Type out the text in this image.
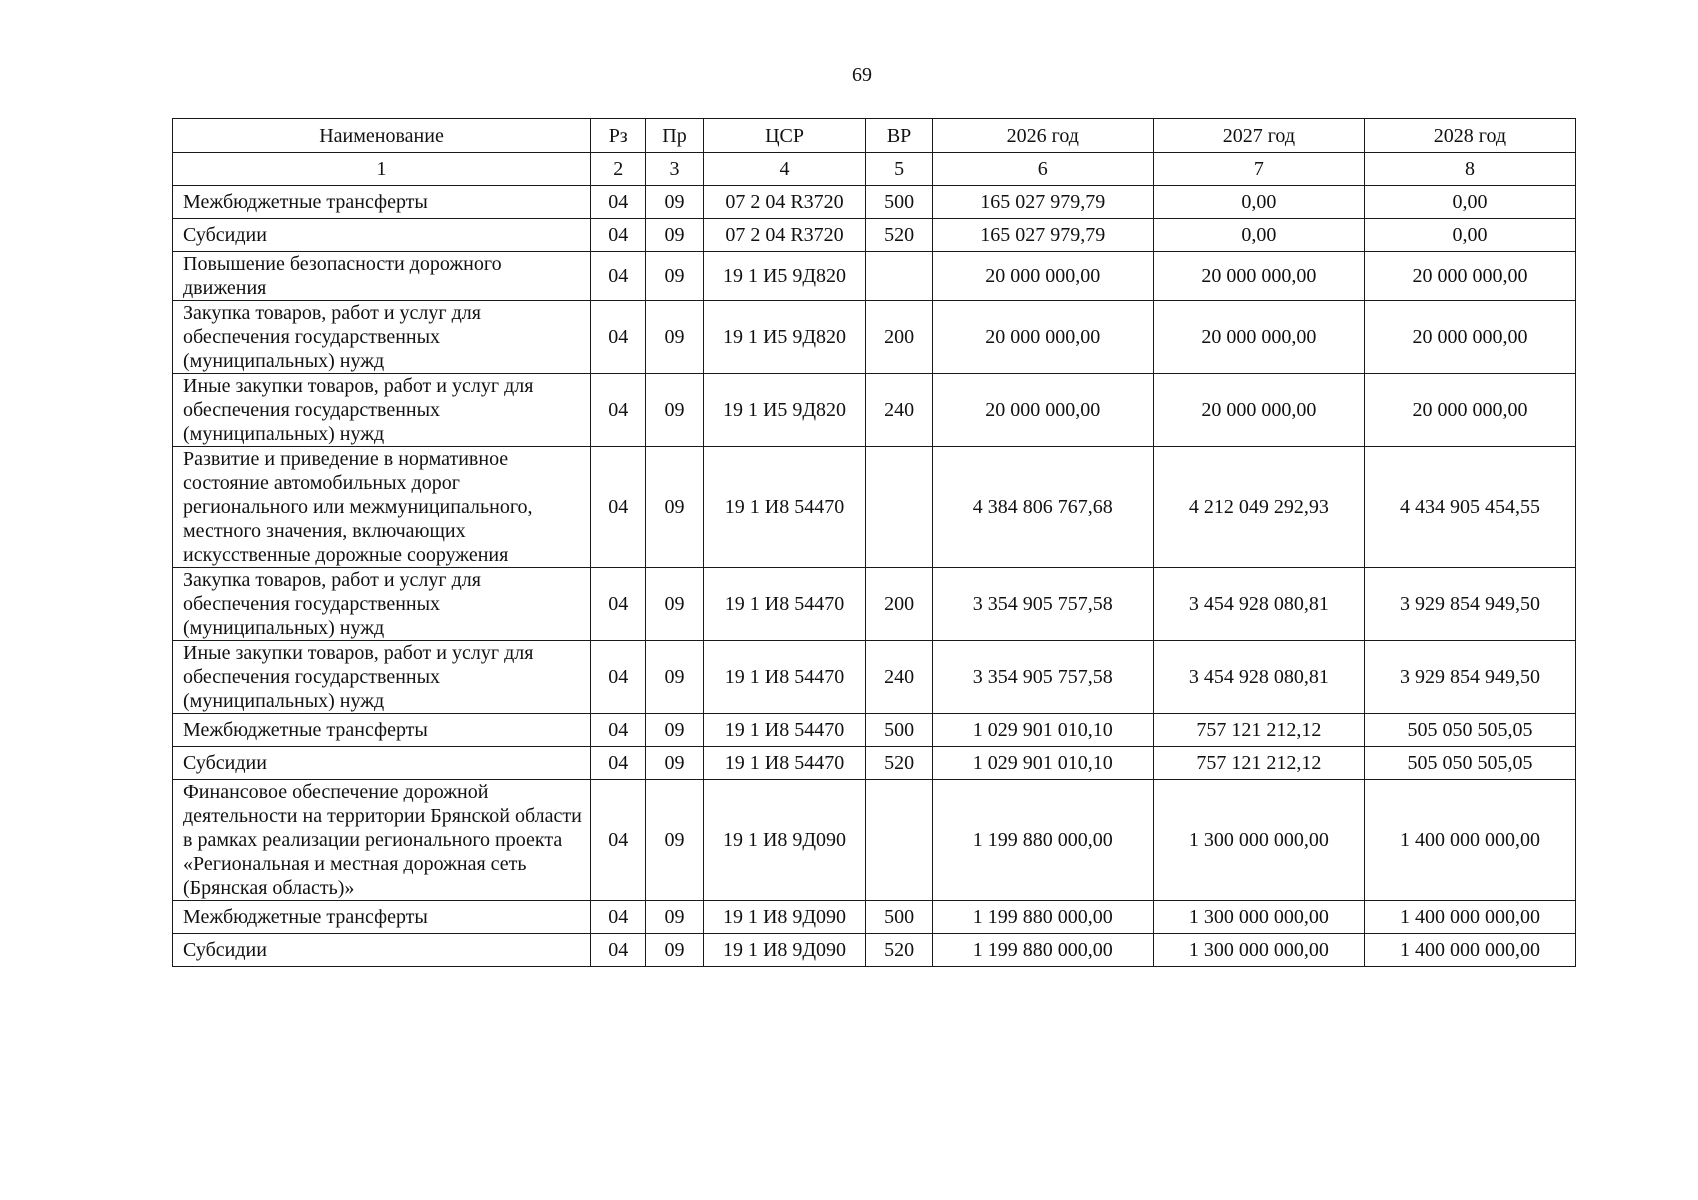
69
Наименование	Рз	Пр	ЦСР	ВР	2026 год	2027 год	2028 год
1	2	3	4	5	6	7	8
Межбюджетные трансферты	04	09	07 2 04 R3720	500	165 027 979,79	0,00	0,00
Субсидии	04	09	07 2 04 R3720	520	165 027 979,79	0,00	0,00
Повышение безопасности дорожного движения	04	09	19 1 И5 9Д820		20 000 000,00	20 000 000,00	20 000 000,00
Закупка товаров, работ и услуг для обеспечения государственных (муниципальных) нужд	04	09	19 1 И5 9Д820	200	20 000 000,00	20 000 000,00	20 000 000,00
Иные закупки товаров, работ и услуг для обеспечения государственных (муниципальных) нужд	04	09	19 1 И5 9Д820	240	20 000 000,00	20 000 000,00	20 000 000,00
Развитие и приведение в нормативное состояние автомобильных дорог регионального или межмуниципального, местного значения, включающих искусственные дорожные сооружения	04	09	19 1 И8 54470		4 384 806 767,68	4 212 049 292,93	4 434 905 454,55
Закупка товаров, работ и услуг для обеспечения государственных (муниципальных) нужд	04	09	19 1 И8 54470	200	3 354 905 757,58	3 454 928 080,81	3 929 854 949,50
Иные закупки товаров, работ и услуг для обеспечения государственных (муниципальных) нужд	04	09	19 1 И8 54470	240	3 354 905 757,58	3 454 928 080,81	3 929 854 949,50
Межбюджетные трансферты	04	09	19 1 И8 54470	500	1 029 901 010,10	757 121 212,12	505 050 505,05
Субсидии	04	09	19 1 И8 54470	520	1 029 901 010,10	757 121 212,12	505 050 505,05
Финансовое обеспечение дорожной деятельности на территории Брянской области в рамках реализации регионального проекта «Региональная и местная дорожная сеть (Брянская область)»	04	09	19 1 И8 9Д090		1 199 880 000,00	1 300 000 000,00	1 400 000 000,00
Межбюджетные трансферты	04	09	19 1 И8 9Д090	500	1 199 880 000,00	1 300 000 000,00	1 400 000 000,00
Субсидии	04	09	19 1 И8 9Д090	520	1 199 880 000,00	1 300 000 000,00	1 400 000 000,00
